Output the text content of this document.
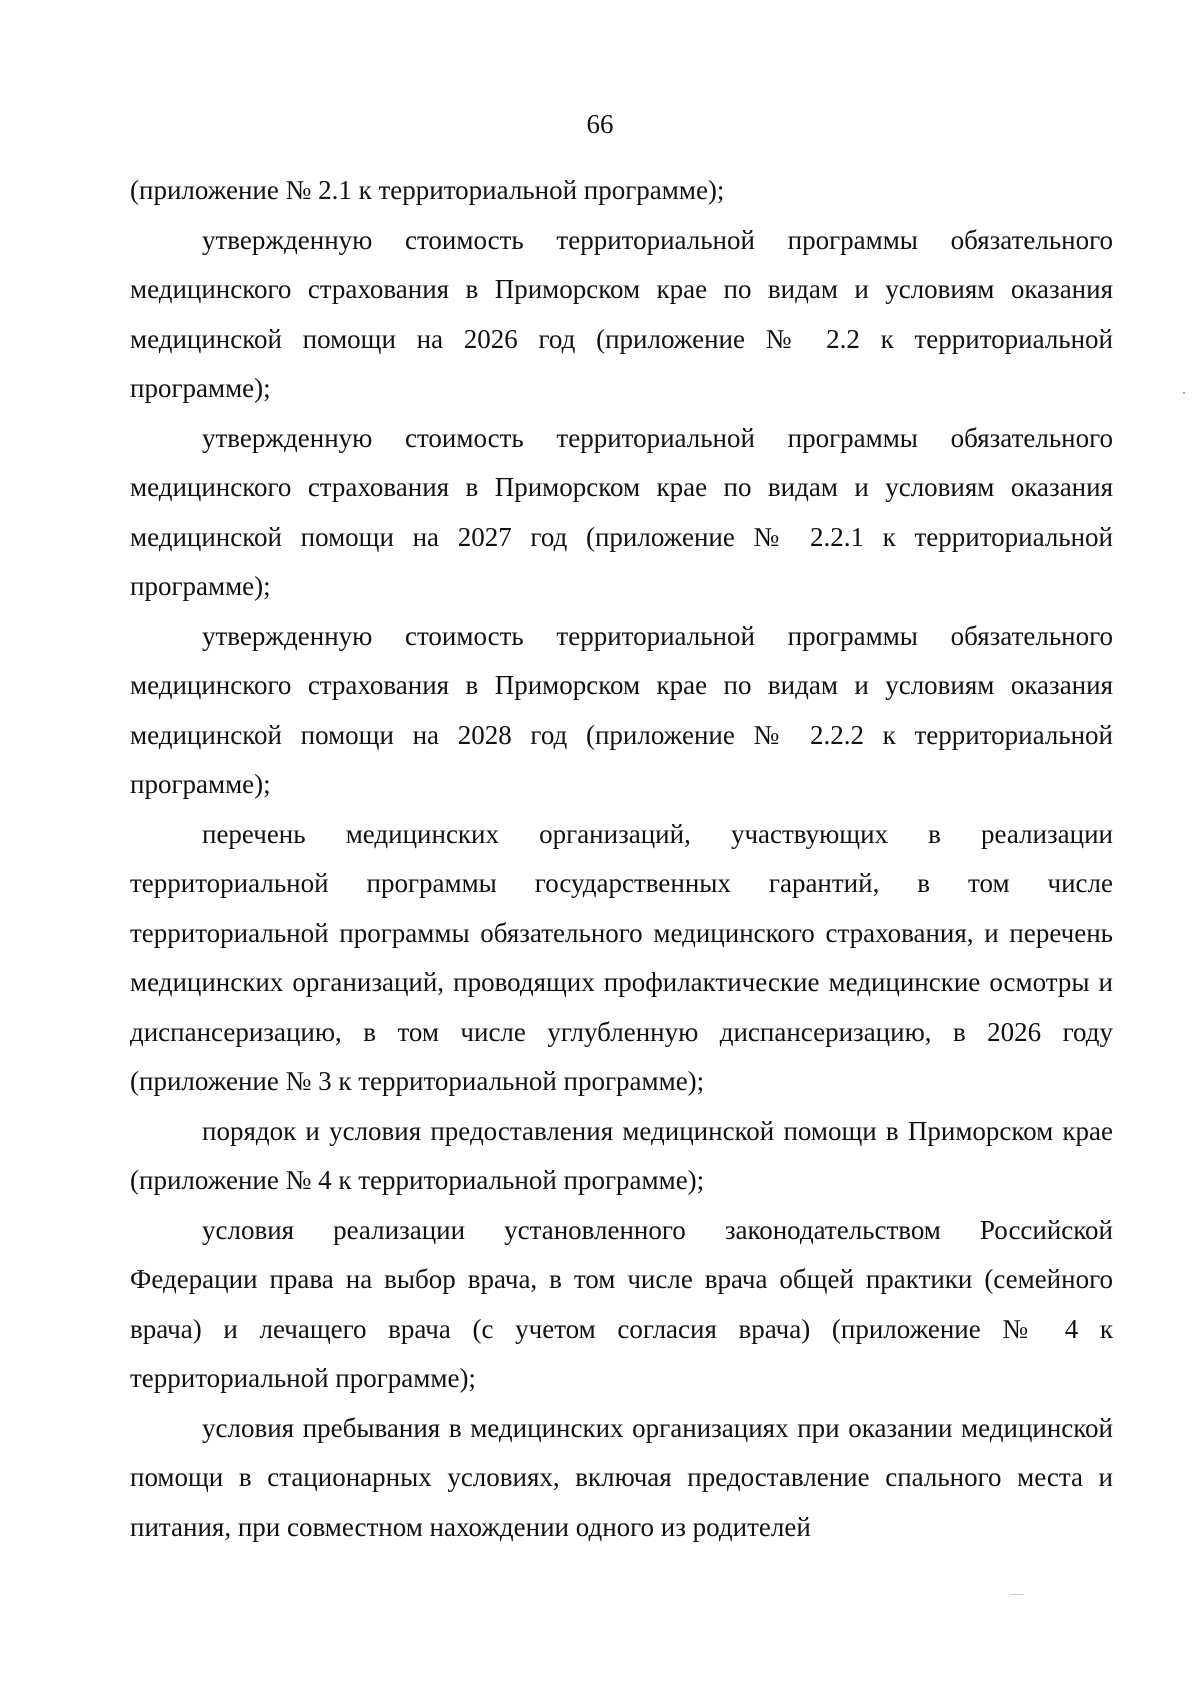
66

(приложение № 2.1 к территориальной программе);

утвержденную стоимость территориальной программы обязательного медицинского страхования в Приморском крае по видам и условиям оказания медицинской помощи на 2026 год (приложение № 2.2 к территориальной программе);

утвержденную стоимость территориальной программы обязательного медицинского страхования в Приморском крае по видам и условиям оказания медицинской помощи на 2027 год (приложение № 2.2.1 к территориальной программе);

утвержденную стоимость территориальной программы обязательного медицинского страхования в Приморском крае по видам и условиям оказания медицинской помощи на 2028 год (приложение № 2.2.2 к территориальной программе);

перечень медицинских организаций, участвующих в реализации территориальной программы государственных гарантий, в том числе территориальной программы обязательного медицинского страхования, и перечень медицинских организаций, проводящих профилактические медицинские осмотры и диспансеризацию, в том числе углубленную диспансеризацию, в 2026 году (приложение № 3 к территориальной программе);

порядок и условия предоставления медицинской помощи в Приморском крае (приложение № 4 к территориальной программе);

условия реализации установленного законодательством Российской Федерации права на выбор врача, в том числе врача общей практики (семейного врача) и лечащего врача (с учетом согласия врача) (приложение № 4 к территориальной программе);

условия пребывания в медицинских организациях при оказании медицинской помощи в стационарных условиях, включая предоставление спального места и питания, при совместном нахождении одного из родителей
